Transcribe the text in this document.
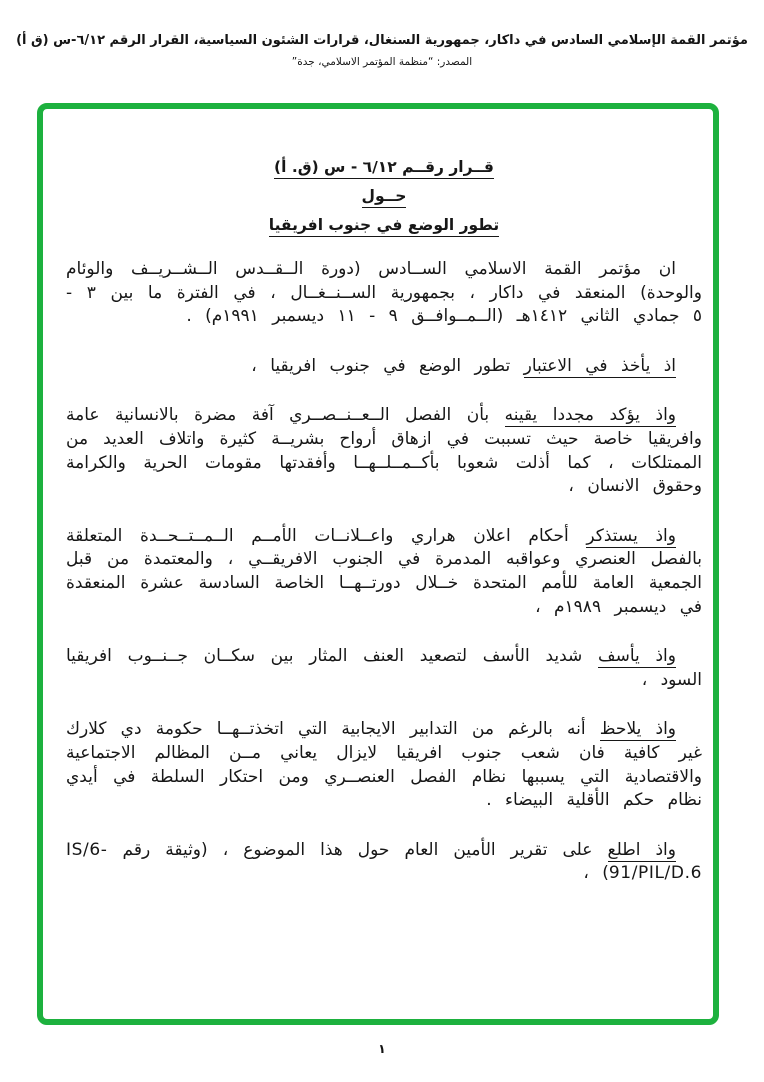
مؤتمر القمة الإسلامي السادس في داكار، جمهورية السنغال، قرارات الشئون السياسية، القرار الرقم ٦/١٢-س (ق أ)
المصدر: “منظمة المؤتمر الاسلامي، جدة”
قــرار رقــم ٦/١٢ - س (ق. أ)
حــول
تطور الوضع في جنوب افريقيا

ان مؤتمر القمة الاسلامي الســادس (دورة الــقــدس الــشــريــف والوئام والوحدة) المنعقد في داكار ، بجمهورية الســنــغــال ، في الفترة ما بين ٣ - ٥ جمادي الثاني ١٤١٢هـ (الــمــوافــق ٩ - ١١ ديسمبر ١٩٩١م) .

اذ يأخذ في الاعتبار تطور الوضع في جنوب افريقيا ،

واذ يؤكد مجددا يقينه بأن الفصل الــعــنــصــري آفة مضرة بالانسانية عامة وافريقيا خاصة حيث تسببت في ازهاق أرواح بشريــة كثيرة واتلاف العديد من الممتلكات ، كما أذلت شعوبا بأكــمــلــهــا وأفقدتها مقومات الحرية والكرامة وحقوق الانسان ،

واذ يستذكر أحكام اعلان هراري واعــلانــات الأمــم الــمــتــحــدة المتعلقة بالفصل العنصري وعواقبه المدمرة في الجنوب الافريقــي ، والمعتمدة من قبل الجمعية العامة للأمم المتحدة خــلال دورتــهــا الخاصة السادسة عشرة المنعقدة في ديسمبر ١٩٨٩م ،

واذ يأسف شديد الأسف لتصعيد العنف المثار بين سكــان جــنــوب افريقيا السود ،

واذ يلاحظ أنه بالرغم من التدابير الايجابية التي اتخذتــهــا حكومة دي كلارك غير كافية فان شعب جنوب افريقيا لايزال يعاني مــن المظالم الاجتماعية والاقتصادية التي يسببها نظام الفصل العنصــري ومن احتكار السلطة في أيدي نظام حكم الأقلية البيضاء .

واذ اطلع على تقرير الأمين العام حول هذا الموضوع ، (وثيقة رقم IS/6-91/PIL/D.6) ،

١
